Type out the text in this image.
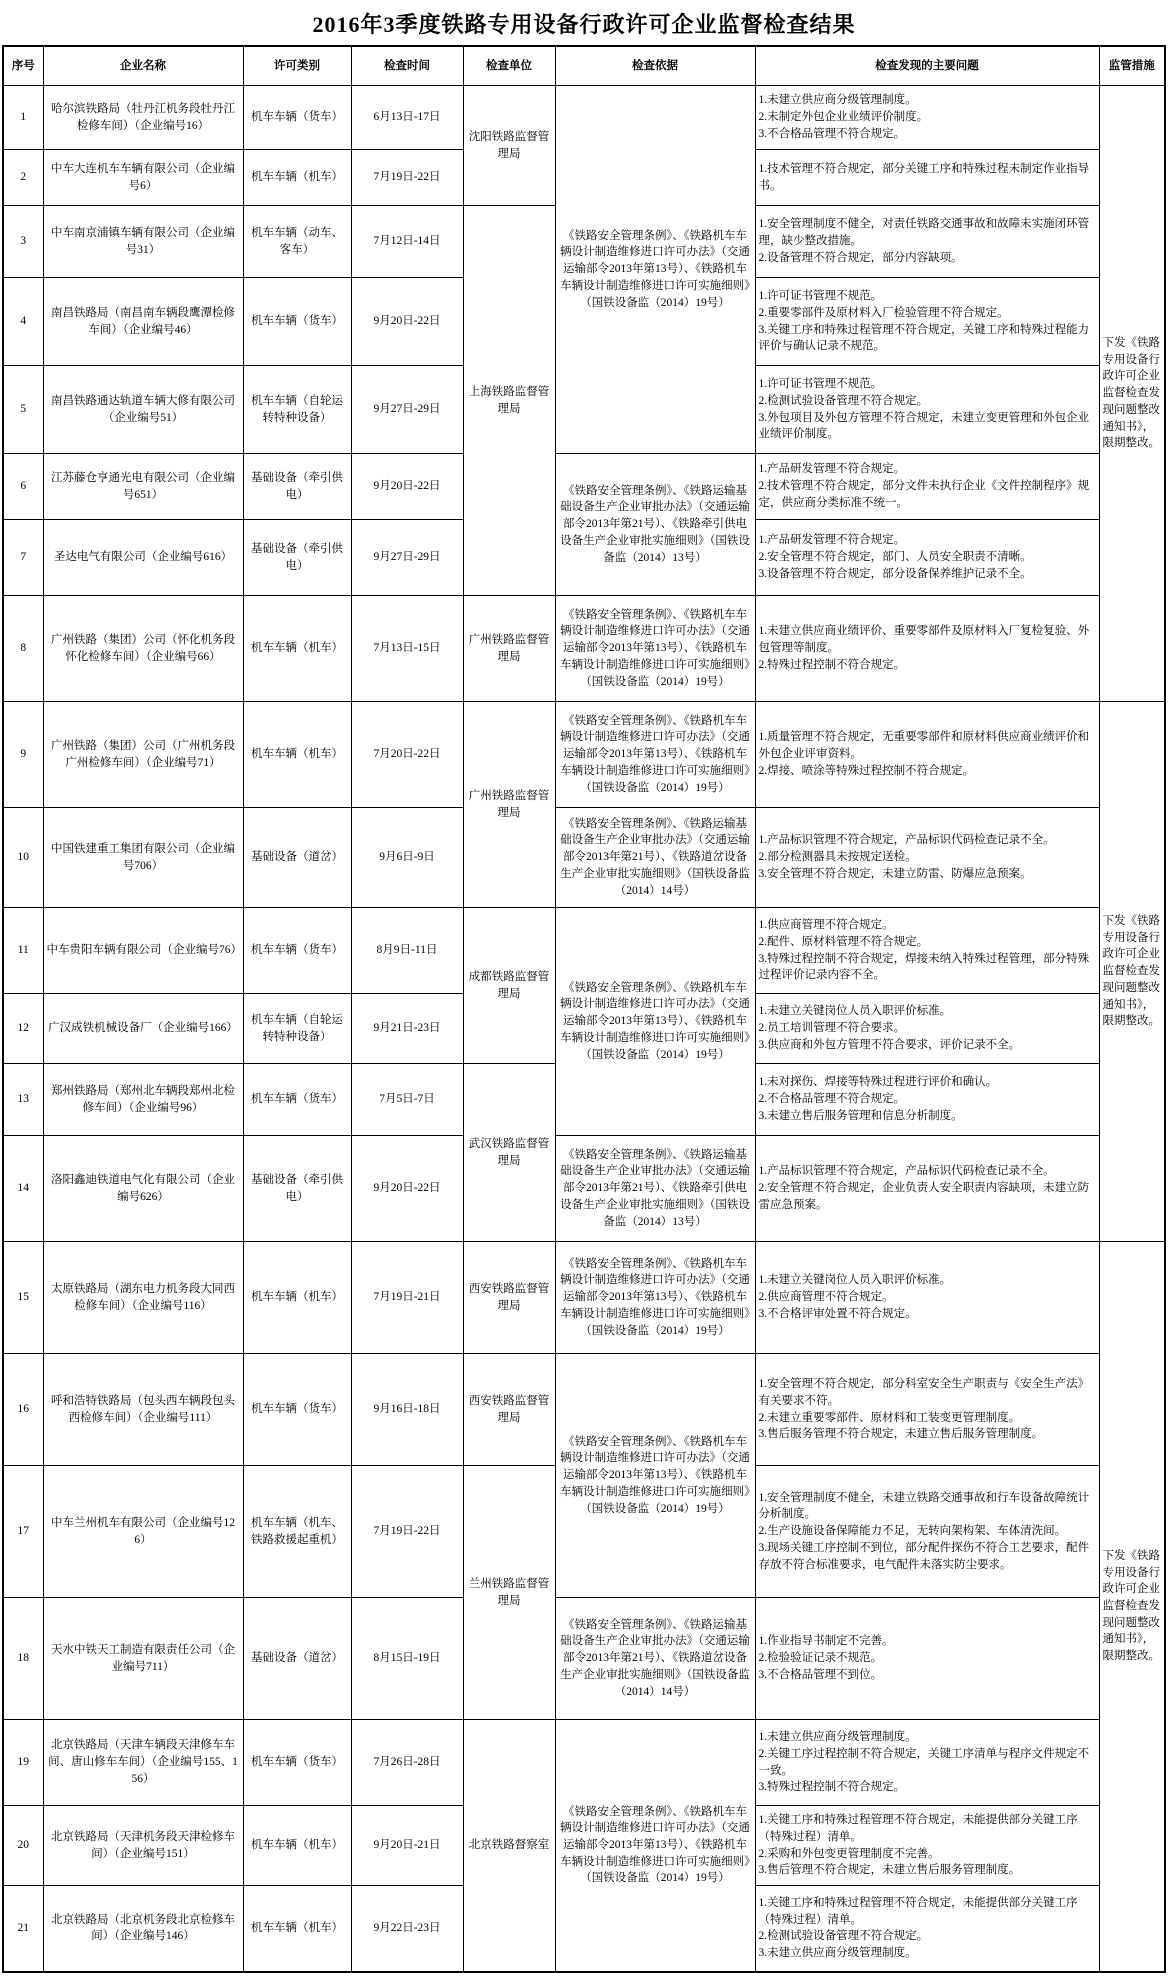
2016年3季度铁路专用设备行政许可企业监督检查结果
序号	企业名称	许可类别	检查时间	检查单位	检查依据	检查发现的主要问题	监管措施
1	哈尔滨铁路局（牡丹江机务段牡丹江检修车间）（企业编号16）	机车车辆（货车）	6月13日-17日	沈阳铁路监督管理局	《铁路安全管理条例》、《铁路机车车辆设计制造维修进口许可办法》（交通运输部令2013年第13号）、《铁路机车车辆设计制造维修进口许可实施细则》（国铁设备监（2014）19号）	1.未建立供应商分级管理制度。
2.未制定外包企业业绩评价制度。
3.不合格品管理不符合规定。	下发《铁路专用设备行政许可企业监督检查发现问题整改通知书》，限期整改。
2	中车大连机车车辆有限公司（企业编号6）	机车车辆（机车）	7月19日-22日			1.技术管理不符合规定，部分关键工序和特殊过程未制定作业指导书。	

3	中车南京浦镇车辆有限公司（企业编号31）	机车车辆（动车、客车）	7月12日-14日	上海铁路监督管理局		1.安全管理制度不健全，对责任铁路交通事故和故障未实施闭环管理，缺少整改措施。
2.设备管理不符合规定，部分内容缺项。	

4	南昌铁路局（南昌南车辆段鹰潭检修车间）（企业编号46）	机车车辆（货车）	9月20日-22日			1.许可证书管理不规范。
2.重要零部件及原材料入厂检验管理不符合规定。
3.关键工序和特殊过程管理不符合规定，关键工序和特殊过程能力评价与确认记录不规范。	

5	南昌铁路通达轨道车辆大修有限公司（企业编号51）	机车车辆（自轮运转特种设备）	9月27日-29日			1.许可证书管理不规范。
2.检测试验设备管理不符合规定。
3.外包项目及外包方管理不符合规定，未建立变更管理和外包企业业绩评价制度。	

6	江苏藤仓亨通光电有限公司（企业编号651）	基础设备（牵引供电）	9月20日-22日		《铁路安全管理条例》、《铁路运输基础设备生产企业审批办法》（交通运输部令2013年第21号）、《铁路牵引供电设备生产企业审批实施细则》（国铁设备监（2014）13号）	1.产品研发管理不符合规定。
2.技术管理不符合规定，部分文件未执行企业《文件控制程序》规定，供应商分类标准不统一。	

7	圣达电气有限公司（企业编号616）	基础设备（牵引供电）	9月27日-29日			1.产品研发管理不符合规定。
2.安全管理不符合规定，部门、人员安全职责不清晰。
3.设备管理不符合规定，部分设备保养维护记录不全。	

8	广州铁路（集团）公司（怀化机务段怀化检修车间）（企业编号66）	机车车辆（机车）	7月13日-15日	广州铁路监督管理局	《铁路安全管理条例》、《铁路机车车辆设计制造维修进口许可办法》（交通运输部令2013年第13号）、《铁路机车车辆设计制造维修进口许可实施细则》（国铁设备监（2014）19号）	1.未建立供应商业绩评价、重要零部件及原材料入厂复检复验、外包管理等制度。
2.特殊过程控制不符合规定。	

9	广州铁路（集团）公司（广州机务段广州检修车间）（企业编号71）	机车车辆（机车）	7月20日-22日	广州铁路监督管理局	《铁路安全管理条例》、《铁路机车车辆设计制造维修进口许可办法》（交通运输部令2013年第13号）、《铁路机车车辆设计制造维修进口许可实施细则》（国铁设备监（2014）19号）	1.质量管理不符合规定，无重要零部件和原材料供应商业绩评价和外包企业评审资料。
2.焊接、喷涂等特殊过程控制不符合规定。	下发《铁路专用设备行政许可企业监督检查发现问题整改通知书》，限期整改。
10	中国铁建重工集团有限公司（企业编号706）	基础设备（道岔）	9月6日-9日		《铁路安全管理条例》、《铁路运输基础设备生产企业审批办法》（交通运输部令2013年第21号）、《铁路道岔设备生产企业审批实施细则》（国铁设备监（2014）14号）	1.产品标识管理不符合规定，产品标识代码检查记录不全。
2.部分检测器具未按规定送检。
3.安全管理不符合规定，未建立防雷、防爆应急预案。	

11	中车贵阳车辆有限公司（企业编号76）	机车车辆（货车）	8月9日-11日	成都铁路监督管理局	《铁路安全管理条例》、《铁路机车车辆设计制造维修进口许可办法》（交通运输部令2013年第13号）、《铁路机车车辆设计制造维修进口许可实施细则》（国铁设备监（2014）19号）	1.供应商管理不符合规定。
2.配件、原材料管理不符合规定。
3.特殊过程控制不符合规定，焊接未纳入特殊过程管理，部分特殊过程评价记录内容不全。	

12	广汉成铁机械设备厂（企业编号166）	机车车辆（自轮运转特种设备）	9月21日-23日			1.未建立关键岗位人员入职评价标准。
2.员工培训管理不符合要求。
3.供应商和外包方管理不符合要求，评价记录不全。	

13	郑州铁路局（郑州北车辆段郑州北检修车间）（企业编号96）	机车车辆（货车）	7月5日-7日	武汉铁路监督管理局		1.未对探伤、焊接等特殊过程进行评价和确认。
2.不合格品管理不符合规定。
3.未建立售后服务管理和信息分析制度。	

14	洛阳鑫迪铁道电气化有限公司（企业编号626）	基础设备（牵引供电）	9月20日-22日		《铁路安全管理条例》、《铁路运输基础设备生产企业审批办法》（交通运输部令2013年第21号）、《铁路牵引供电设备生产企业审批实施细则》（国铁设备监（2014）13号）	1.产品标识管理不符合规定，产品标识代码检查记录不全。
2.安全管理不符合规定，企业负责人安全职责内容缺项，未建立防雷应急预案。	

15	太原铁路局（湖东电力机务段大同西检修车间）（企业编号116）	机车车辆（机车）	7月19日-21日	西安铁路监督管理局	《铁路安全管理条例》、《铁路机车车辆设计制造维修进口许可办法》（交通运输部令2013年第13号）、《铁路机车车辆设计制造维修进口许可实施细则》（国铁设备监（2014）19号）	1.未建立关键岗位人员入职评价标准。
2.供应商管理不符合规定。
3.不合格评审处置不符合规定。	下发《铁路专用设备行政许可企业监督检查发现问题整改通知书》，限期整改。
16	呼和浩特铁路局（包头西车辆段包头西检修车间）（企业编号111）	机车车辆（货车）	9月16日-18日	西安铁路监督管理局	《铁路安全管理条例》、《铁路机车车辆设计制造维修进口许可办法》（交通运输部令2013年第13号）、《铁路机车车辆设计制造维修进口许可实施细则》（国铁设备监（2014）19号）	1.安全管理不符合规定，部分科室安全生产职责与《安全生产法》有关要求不符。
2.未建立重要零部件、原材料和工装变更管理制度。
3.售后服务管理不符合规定，未建立售后服务管理制度。	

17	中车兰州机车有限公司（企业编号126）	机车车辆（机车、铁路救援起重机）	7月19日-22日	兰州铁路监督管理局		1.安全管理制度不健全，未建立铁路交通事故和行车设备故障统计分析制度。
2.生产设施设备保障能力不足，无转向架构架、车体清洗间。
3.现场关键工序控制不到位，部分配件探伤不符合工艺要求，配件存放不符合标准要求，电气配件未落实防尘要求。	

18	天水中铁天工制造有限责任公司（企业编号711）	基础设备（道岔）	8月15日-19日		《铁路安全管理条例》、《铁路运输基础设备生产企业审批办法》（交通运输部令2013年第21号）、《铁路道岔设备生产企业审批实施细则》（国铁设备监（2014）14号）	1.作业指导书制定不完善。
2.检验验证记录不规范。
3.不合格品管理不到位。	

19	北京铁路局（天津车辆段天津修车车间、唐山修车车间）（企业编号155、156）	机车车辆（货车）	7月26日-28日	北京铁路督察室	《铁路安全管理条例》、《铁路机车车辆设计制造维修进口许可办法》（交通运输部令2013年第13号）、《铁路机车车辆设计制造维修进口许可实施细则》（国铁设备监（2014）19号）	1.未建立供应商分级管理制度。
2.关键工序过程控制不符合规定，关键工序清单与程序文件规定不一致。
3.特殊过程控制不符合规定。	

20	北京铁路局（天津机务段天津检修车间）（企业编号151）	机车车辆（机车）	9月20日-21日			1.关键工序和特殊过程管理不符合规定，未能提供部分关键工序（特殊过程）清单。
2.采购和外包变更管理制度不完善。
3.售后管理不符合规定，未建立售后服务管理制度。	

21	北京铁路局（北京机务段北京检修车间）（企业编号146）	机车车辆（机车）	9月22日-23日			1.关键工序和特殊过程管理不符合规定，未能提供部分关键工序（特殊过程）清单。
2.检测试验设备管理不符合规定。
3.未建立供应商分级管理制度。	
